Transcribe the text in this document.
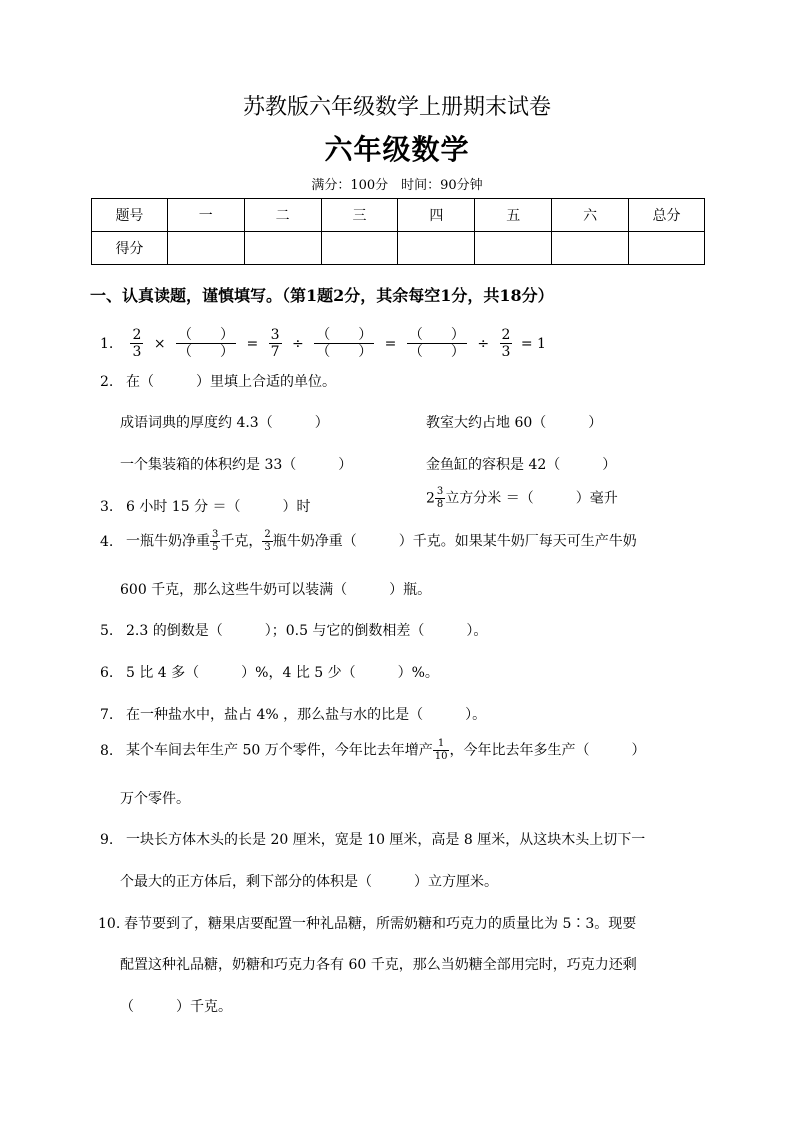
苏教版六年级数学上册期末试卷
六年级数学
满分：100分　时间：90分钟
题号	一	二	三	四	五	六	总分
得分							
一、认真读题，谨慎填写。（第1题2分，其余每空1分，共18分）
1. $\frac{2}{3} \times \frac{( )}{( )} = \frac{3}{7} \div \frac{( )}{( )} = \frac{( )}{( )} \div \frac{2}{3} = 1$
2. 在（　　　）里填上合适的单位。
成语词典的厚度约 4.3（　　　）	教室大约占地 60（　　　）
一个集装箱的体积约是 33（　　　）	金鱼缸的容积是 42（　　　）
3. 6 小时 15 分 ＝（　　　）时
$2 \frac{3}{8}$ 立方分米 ＝（　　　）毫升
4. 一瓶牛奶净重 $\frac{3}{5}$ 千克， $\frac{2}{3}$ 瓶牛奶净重（　　　）千克。如果某牛奶厂每天可生产牛奶
600 千克，那么这些牛奶可以装满（　　　）瓶。
5. 2.3 的倒数是（　　　）；0.5 与它的倒数相差（　　　）。
6. 5 比 4 多（　　　）%，4 比 5 少（　　　）%。
7. 在一种盐水中，盐占 4% ，那么盐与水的比是（　　　）。
8. 某个车间去年生产 50 万个零件，今年比去年增产 $\frac{1}{10}$ ，今年比去年多生产（　　　）
万个零件。
9. 一块长方体木头的长是 20 厘米，宽是 10 厘米，高是 8 厘米，从这块木头上切下一
个最大的正方体后，剩下部分的体积是（　　　）立方厘米。
10. 春节要到了，糖果店要配置一种礼品糖，所需奶糖和巧克力的质量比为 5∶3。现要
配置这种礼品糖，奶糖和巧克力各有 60 千克，那么当奶糖全部用完时，巧克力还剩
（　　　）千克。
